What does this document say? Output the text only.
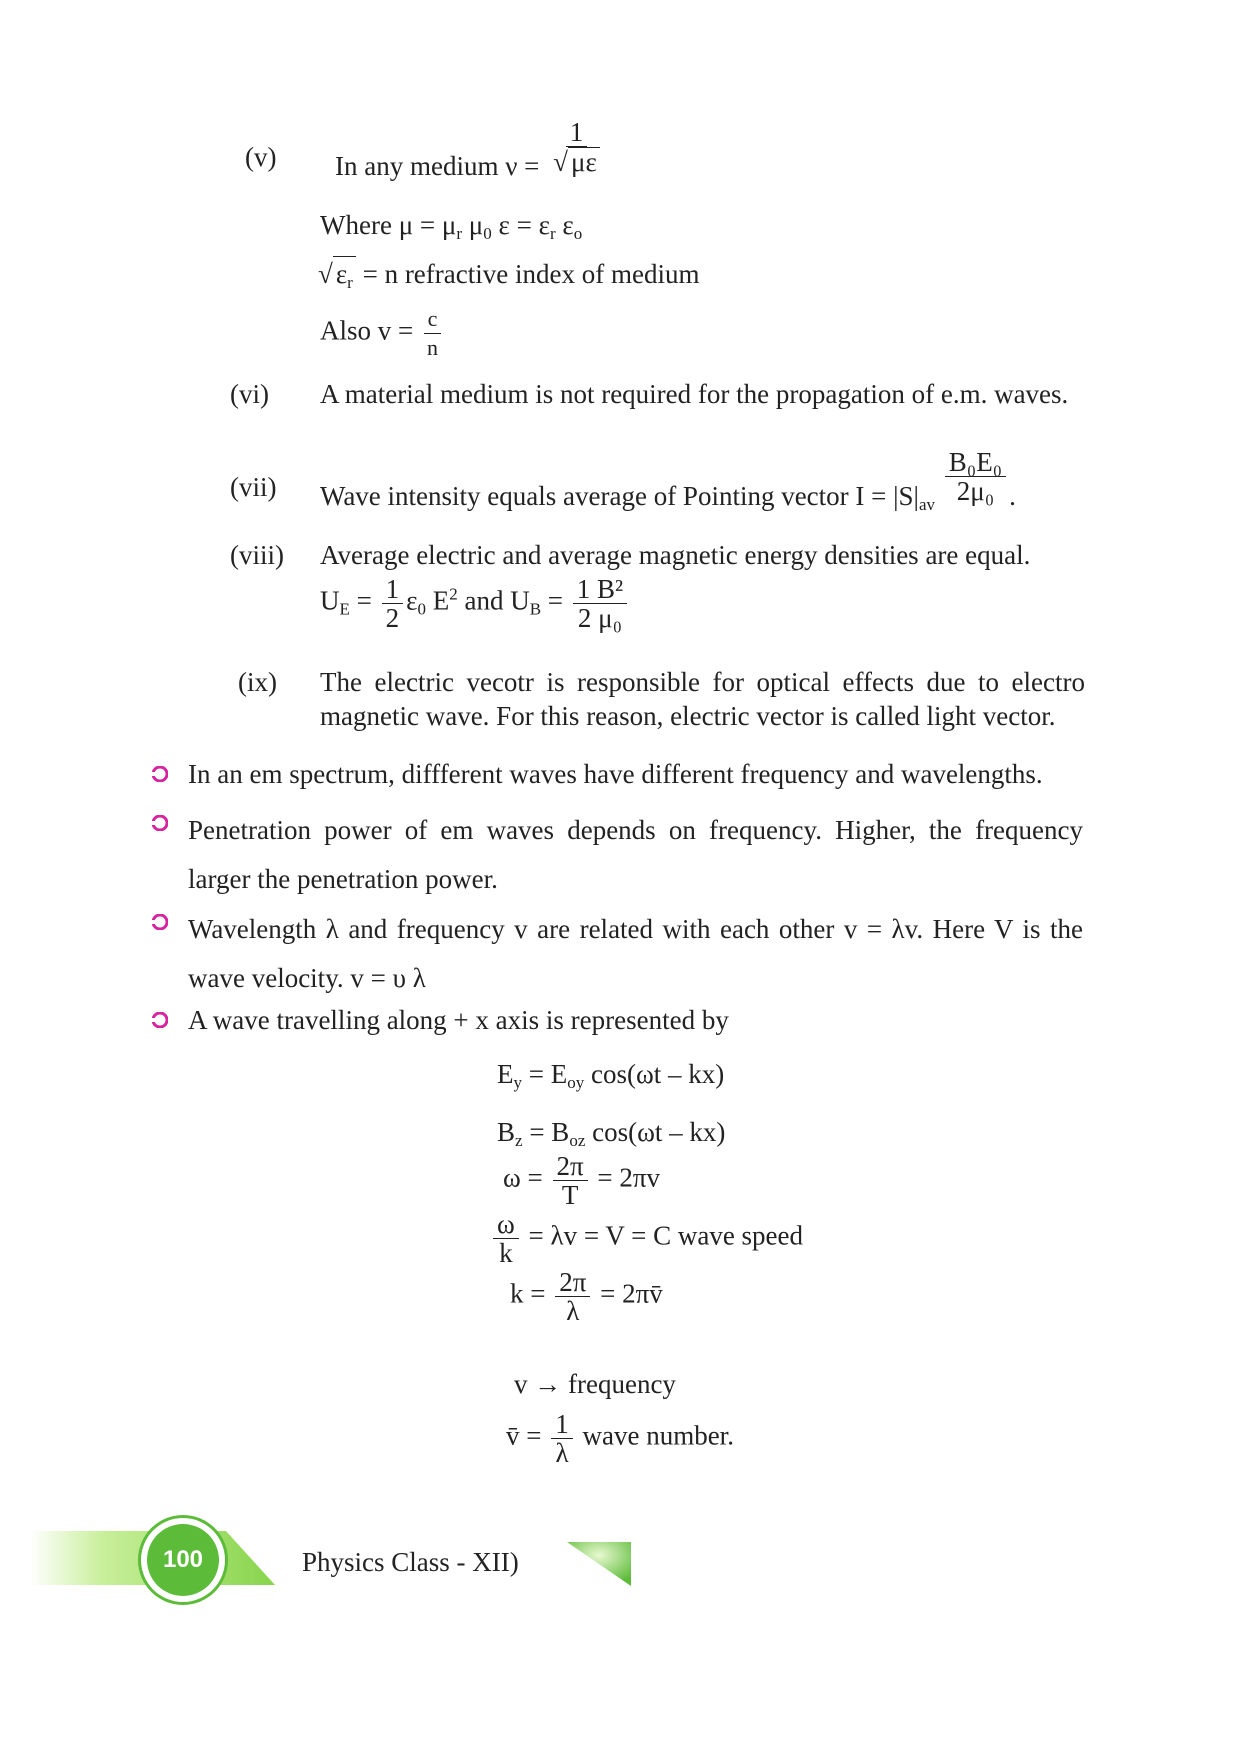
(v) In any medium $\nu = \frac{1}{√ \mu\varepsilon}$
Where $\mu = \mu_r$ $\mu_0$ $\varepsilon = \varepsilon_r$ $\varepsilon_o$
√ $\varepsilon_r = n$ refractive index of medium
Also $v = \frac{c}{n}$
(vi) A material medium is not required for the propagation of e.m. waves.
(vii) Wave intensity equals average of Pointing vector $I = |S|_{av} \frac{\text{B₀E₀}}{\text{2μ₀}}$ .
(viii) Average electric and average magnetic energy densities are equal.
$U_E = \frac{1}{2} \varepsilon_0$ $E^2$ and $U_B = \frac{\text{1 B²}}{\text{2 μ₀}}$
(ix) The electric vecotr is responsible for optical effects due to electro magnetic wave. For this reason, electric vector is called light vector.
In an em spectrum, diffferent waves have different frequency and wavelengths.
Penetration power of em waves depends on frequency. Higher, the frequency larger the penetration power.
Wavelength λ and frequency v are related with each other v = λv. Here V is the wave velocity. v = υ λ
A wave travelling along + x axis is represented by
$E_y = E_{oy}$ cos(ωt – kx)
$B_z = B_{oz}$ cos(ωt – kx)
$\omega = \frac{2\pi}{T} = 2\pi v$
$\frac{\omega}{k} = \lambda v = V = C$ wave speed
$k = \frac{2\pi}{\lambda}$ = 2πv̄
v → frequency
v̄ = $\frac{1}{\lambda}$ wave number.
100	Physics Class - XII)
